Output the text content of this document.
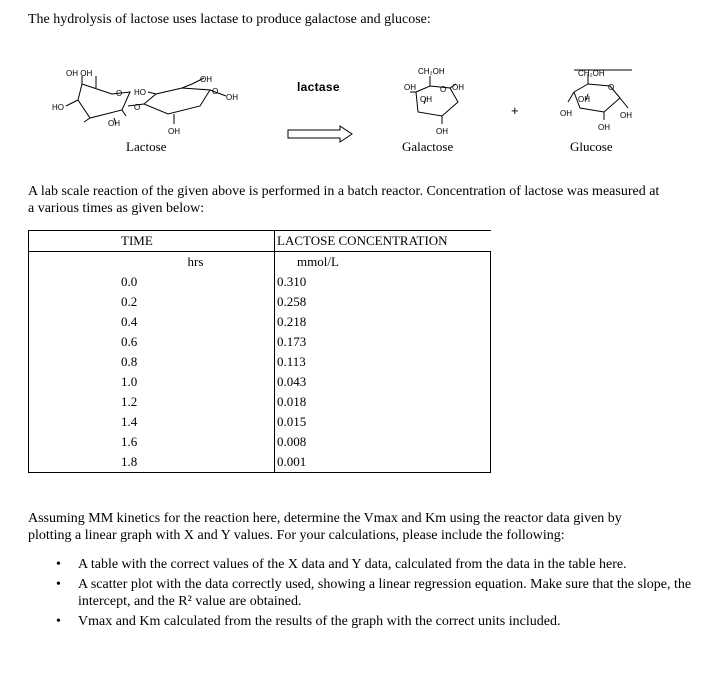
The hydrolysis of lactose uses lactase to produce galactose and glucose:
OH OH
OH
HO
O	O
O
OH
HO
OH
OH
Lactose
lactase
CH₂OH
OH	O OH
OH
OH
Galactose
+
CH₂OH
O
OH
OH	OH
OH
Glucose
A lab scale reaction of the given above is performed in a batch reactor. Concentration of lactose was measured at a various times as given below:
	TIME	LACTOSE CONCENTRATION	
	hrs	mmol/L	
	0.0	0.310	
	0.2	0.258	
	0.4	0.218	
	0.6	0.173	
	0.8	0.113	
	1.0	0.043	
	1.2	0.018	
	1.4	0.015	
	1.6	0.008	
	1.8	0.001	
Assuming MM kinetics for the reaction here, determine the Vmax and Km using the reactor data given by plotting a linear graph with X and Y values. For your calculations, please include the following:
• A table with the correct values of the X data and Y data, calculated from the data in the table here.
• A scatter plot with the data correctly used, showing a linear regression equation. Make sure that the slope, the intercept, and the R² value are obtained.
• Vmax and Km calculated from the results of the graph with the correct units included.
